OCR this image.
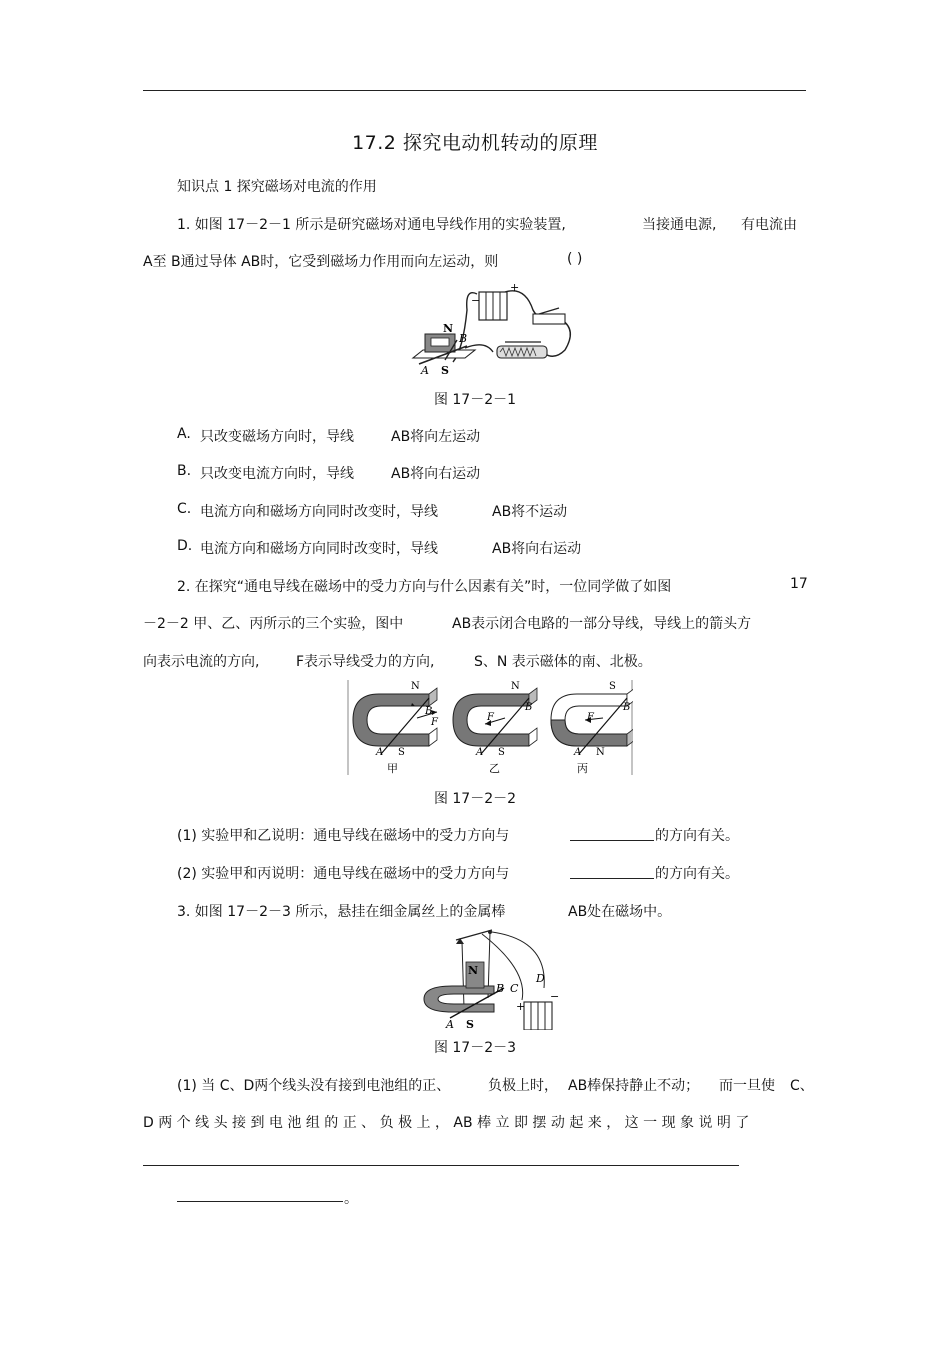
17.2 探究电动机转动的原理
知识点 1 探究磁场对电流的作用
1. 如图 17－2－1 所示是研究磁场对通电导线作用的实验装置,	当接通电源, 有电流由
A至 B通过导体 AB时，它受到磁场力作用而向左运动，则	( )
−
+
N
S
A
B
图 17－2－1
A. 只改变磁场方向时，导线	AB将向左运动
B. 只改变电流方向时，导线	AB将向右运动
C. 电流方向和磁场方向同时改变时，导线	AB将不运动
D. 电流方向和磁场方向同时改变时，导线	AB将向右运动
2. 在探究“通电导线在磁场中的受力方向与什么因素有关”时，一位同学做了如图	17
－2－2 甲、乙、丙所示的三个实验，图中	AB表示闭合电路的一部分导线，导线上的箭头方
向表示电流的方向,	F表示导线受力的方向,	S、N 表示磁体的南、北极。
N
S
A
B
F
甲
N
S
A
B
F
乙
S
N
A
B
F
丙
图 17－2－2
(1) 实验甲和乙说明：通电导线在磁场中的受力方向与	的方向有关。
(2) 实验甲和丙说明：通电导线在磁场中的受力方向与	的方向有关。
3. 如图 17－2－3 所示，悬挂在细金属丝上的金属棒	AB处在磁场中。
N
S
A
B C
D
+
−
图 17－2－3
(1) 当 C、D两个线头没有接到电池组的正、	负极上时， AB棒保持静止不动； 而一旦使 C、
D 两 个 线 头 接 到 电 池 组 的 正 、 负 极 上 ， AB 棒 立 即 摆 动 起 来 ， 这 一 现 象 说 明 了
。
